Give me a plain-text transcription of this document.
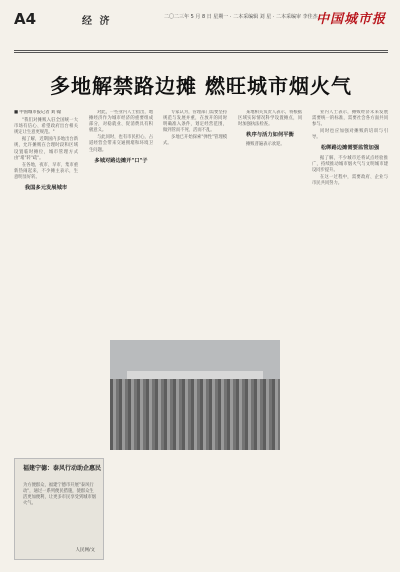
A4	经 济	二〇二三年 5 月 8 日 星期一 · 二本采编辑 刘 星 · 二本采编审 李佳杰
中国城市报
多地解禁路边摊 燃旺城市烟火气
■ 中国城市报记者 刘 翰

"我们对摊贩入驻全国统一大市场有信心、希望政府出台相关规定让生意更规范。"

据了解，近期国内多地出台新规，允许摊贩在合理时段和区域设置临时摊位，城市管理方式由"堵"转"疏"。

在各地，夜市、早市、集市重新热闹起来，不少摊主表示，生意明显好转。

我国多元发展城市

对此，一些业内人士指出，地摊经济作为城市经济的重要组成部分，对稳就业、促消费具有积极意义。

与此同时，也有市民担心，占道经营会带来交通拥堵和环境卫生问题。

多城对路边摊开"口"子

专家认为，管理部门需要坚持规范与发展并重，在放开的同时明确准入条件，划定经营范围，做到管而不死、活而不乱。

多地已开始探索"弹性"管理模式。

某地相关负责人表示，将根据区域实际情况科学设置摊点，同时加强执法检查。

秩序与活力如何平衡

摊贩普遍表示欢迎。

业内人士表示，摊贩经济未来发展需要统一的标准，需要社会各方面共同参与。

同时也应加强对摊贩的培训与引导。

松绑路边摊需要监管加强

据了解，不少城市还将试点经验推广，持续推动城市烟火气与文明城市建设同步提升。

在这一过程中，需要政府、企业与市民共同努力。

福建宁德：泰风行动助企惠民
为方便群众，福建宁德市开展"泰风行动"，通过一系列便民措施，使群众生活更加便利，让更多市民享受到城市烟火气。
人民网/文
